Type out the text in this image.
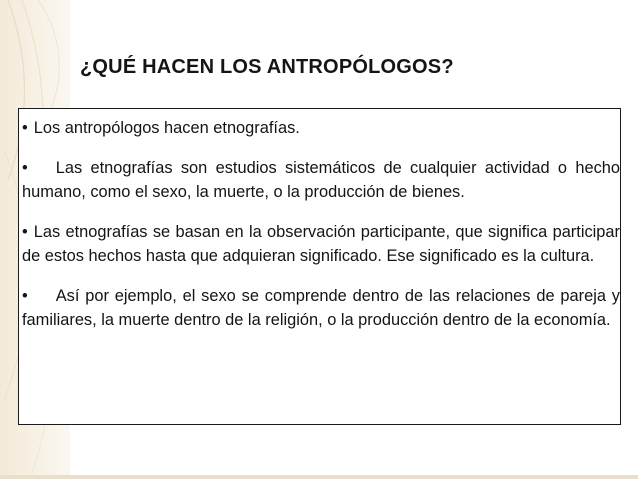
¿QUÉ HACEN LOS ANTROPÓLOGOS?
• Los antropólogos hacen etnografías.
• Las etnografías son estudios sistemáticos de cualquier actividad o hecho humano, como el sexo, la muerte, o la producción de bienes.
• Las etnografías se basan en la observación participante, que significa participar de estos hechos hasta que adquieran significado. Ese significado es la cultura.
• Así por ejemplo, el sexo se comprende dentro de las relaciones de pareja y familiares, la muerte dentro de la religión, o la producción dentro de la economía.
